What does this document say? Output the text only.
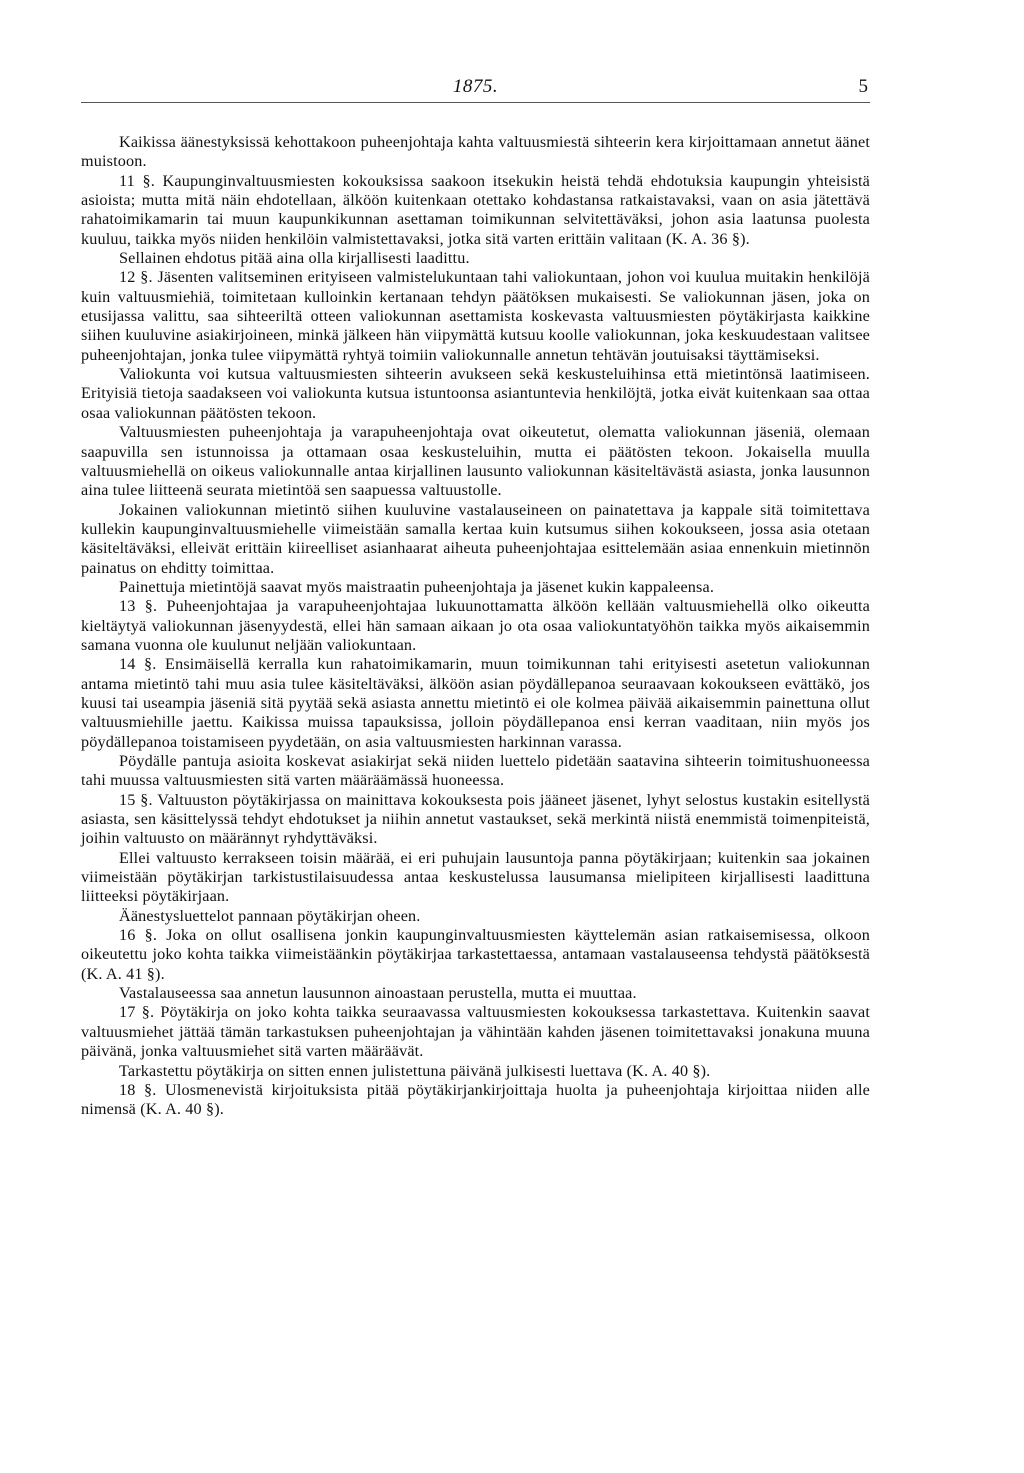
1875.	5

Kaikissa äänestyksissä kehottakoon puheenjohtaja kahta valtuusmiestä sihteerin kera kirjoittamaan annetut äänet muistoon.

11 §. Kaupunginvaltuusmiesten kokouksissa saakoon itsekukin heistä tehdä ehdotuksia kaupungin yhteisistä asioista; mutta mitä näin ehdotellaan, älköön kuitenkaan otettako kohdastansa ratkaistavaksi, vaan on asia jätettävä rahatoimikamarin tai muun kaupunkikunnan asettaman toimikunnan selvitettäväksi, johon asia laatunsa puolesta kuuluu, taikka myös niiden henkilöin valmistettavaksi, jotka sitä varten erittäin valitaan (K. A. 36 §).

Sellainen ehdotus pitää aina olla kirjallisesti laadittu.

12 §. Jäsenten valitseminen erityiseen valmistelukuntaan tahi valiokuntaan, johon voi kuulua muitakin henkilöjä kuin valtuusmiehiä, toimitetaan kulloinkin kertanaan tehdyn päätöksen mukaisesti. Se valiokunnan jäsen, joka on etusijassa valittu, saa sihteeriltä otteen valiokunnan asettamista koskevasta valtuusmiesten pöytäkirjasta kaikkine siihen kuuluvine asiakirjoineen, minkä jälkeen hän viipymättä kutsuu koolle valiokunnan, joka keskuudestaan valitsee puheenjohtajan, jonka tulee viipymättä ryhtyä toimiin valiokunnalle annetun tehtävän joutuisaksi täyttämiseksi.

Valiokunta voi kutsua valtuusmiesten sihteerin avukseen sekä keskusteluihinsa että mietintönsä laatimiseen. Erityisiä tietoja saadakseen voi valiokunta kutsua istuntoonsa asiantuntevia henkilöjtä, jotka eivät kuitenkaan saa ottaa osaa valiokunnan päätösten tekoon.

Valtuusmiesten puheenjohtaja ja varapuheenjohtaja ovat oikeutetut, olematta valiokunnan jäseniä, olemaan saapuvilla sen istunnoissa ja ottamaan osaa keskusteluihin, mutta ei päätösten tekoon. Jokaisella muulla valtuusmiehellä on oikeus valiokunnalle antaa kirjallinen lausunto valiokunnan käsiteltävästä asiasta, jonka lausunnon aina tulee liitteenä seurata mietintöä sen saapuessa valtuustolle.

Jokainen valiokunnan mietintö siihen kuuluvine vastalauseineen on painatettava ja kappale sitä toimitettava kullekin kaupunginvaltuusmiehelle viimeistään samalla kertaa kuin kutsumus siihen kokoukseen, jossa asia otetaan käsiteltäväksi, elleivät erittäin kiireelliset asianhaarat aiheuta puheenjohtajaa esittelemään asiaa ennenkuin mietinnön painatus on ehditty toimittaa.

Painettuja mietintöjä saavat myös maistraatin puheenjohtaja ja jäsenet kukin kappaleensa.

13 §. Puheenjohtajaa ja varapuheenjohtajaa lukuunottamatta älköön kellään valtuusmiehellä olko oikeutta kieltäytyä valiokunnan jäsenyydestä, ellei hän samaan aikaan jo ota osaa valiokuntatyöhön taikka myös aikaisemmin samana vuonna ole kuulunut neljään valiokuntaan.

14 §. Ensimäisellä kerralla kun rahatoimikamarin, muun toimikunnan tahi erityisesti asetetun valiokunnan antama mietintö tahi muu asia tulee käsiteltäväksi, älköön asian pöydällepanoa seuraavaan kokoukseen evättäkö, jos kuusi tai useampia jäseniä sitä pyytää sekä asiasta annettu mietintö ei ole kolmea päivää aikaisemmin painettuna ollut valtuusmiehille jaettu. Kaikissa muissa tapauksissa, jolloin pöydällepanoa ensi kerran vaaditaan, niin myös jos pöydällepanoa toistamiseen pyydetään, on asia valtuusmiesten harkinnan varassa.

Pöydälle pantuja asioita koskevat asiakirjat sekä niiden luettelo pidetään saatavina sihteerin toimitushuoneessa tahi muussa valtuusmiesten sitä varten määräämässä huoneessa.

15 §. Valtuuston pöytäkirjassa on mainittava kokouksesta pois jääneet jäsenet, lyhyt selostus kustakin esitellystä asiasta, sen käsittelyssä tehdyt ehdotukset ja niihin annetut vastaukset, sekä merkintä niistä enemmistä toimenpiteistä, joihin valtuusto on määrännyt ryhdyttäväksi.

Ellei valtuusto kerrakseen toisin määrää, ei eri puhujain lausuntoja panna pöytäkirjaan; kuitenkin saa jokainen viimeistään pöytäkirjan tarkistustilaisuudessa antaa keskustelussa lausumansa mielipiteen kirjallisesti laadittuna liitteeksi pöytäkirjaan.

Äänestysluettelot pannaan pöytäkirjan oheen.

16 §. Joka on ollut osallisena jonkin kaupunginvaltuusmiesten käyttelemän asian ratkaisemisessa, olkoon oikeutettu joko kohta taikka viimeistäänkin pöytäkirjaa tarkastettaessa, antamaan vastalauseensa tehdystä päätöksestä (K. A. 41 §).

Vastalauseessa saa annetun lausunnon ainoastaan perustella, mutta ei muuttaa.

17 §. Pöytäkirja on joko kohta taikka seuraavassa valtuusmiesten kokouksessa tarkastettava. Kuitenkin saavat valtuusmiehet jättää tämän tarkastuksen puheenjohtajan ja vähintään kahden jäsenen toimitettavaksi jonakuna muuna päivänä, jonka valtuusmiehet sitä varten määräävät.

Tarkastettu pöytäkirja on sitten ennen julistettuna päivänä julkisesti luettava (K. A. 40 §).

18 §. Ulosmenevistä kirjoituksista pitää pöytäkirjankirjoittaja huolta ja puheenjohtaja kirjoittaa niiden alle nimensä (K. A. 40 §).
